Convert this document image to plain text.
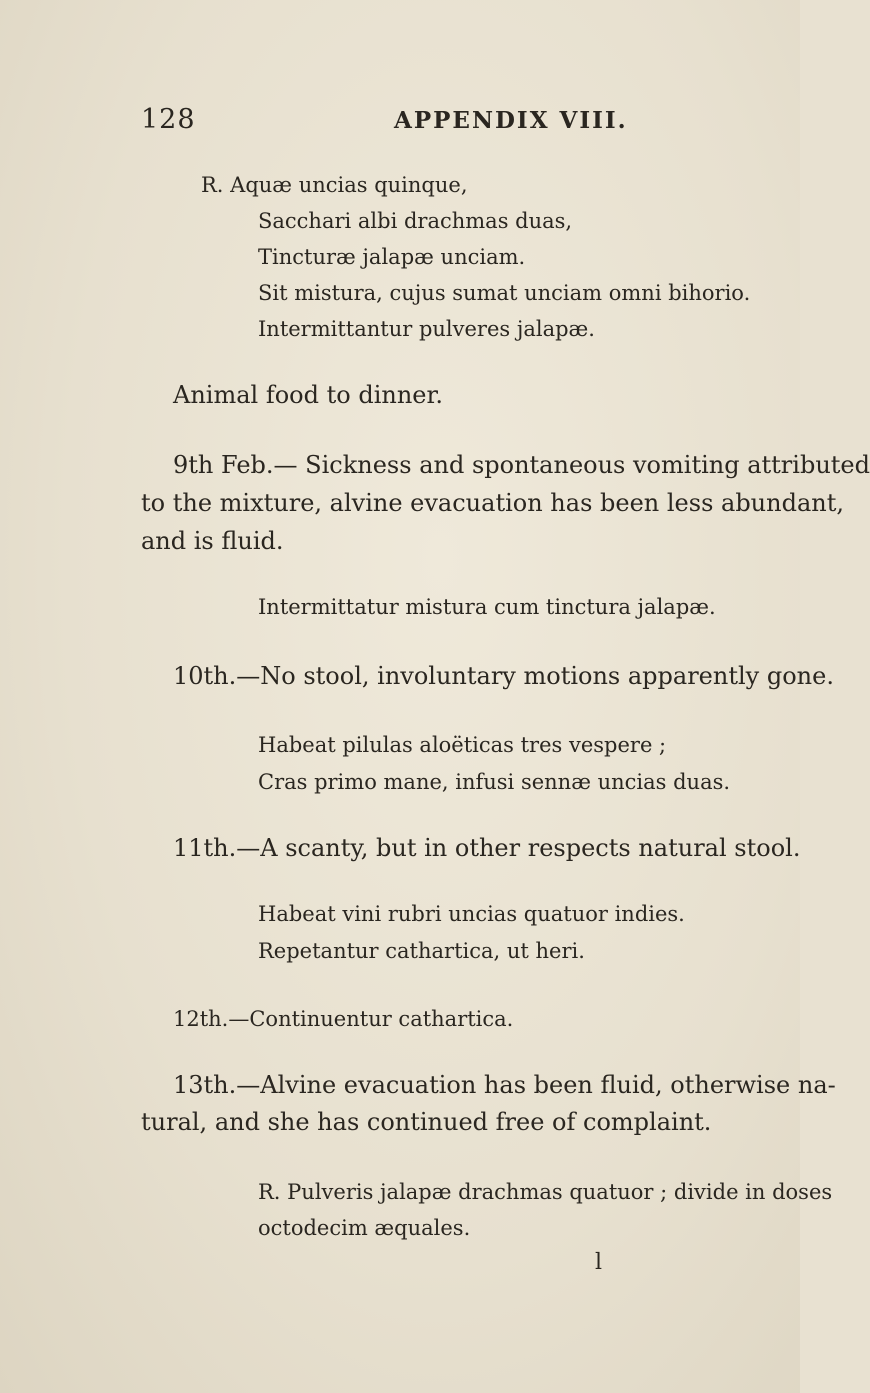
128	APPENDIX VIII.
R. Aquæ uncias quinque,
Sacchari albi drachmas duas,
Tincturæ jalapæ unciam.
Sit mistura, cujus sumat unciam omni bihorio.
Intermittantur pulveres jalapæ.
Animal food to dinner.
9th Feb.— Sickness and spontaneous vomiting attributed
to the mixture, alvine evacuation has been less abundant,
and is fluid.
Intermittatur mistura cum tinctura jalapæ.
10th.—No stool, involuntary motions apparently gone.
Habeat pilulas aloëticas tres vespere ;
Cras primo mane, infusi sennæ uncias duas.
11th.—A scanty, but in other respects natural stool.
Habeat vini rubri uncias quatuor indies.
Repetantur cathartica, ut heri.
12th.—Continuentur cathartica.
13th.—Alvine evacuation has been fluid, otherwise na-
tural, and she has continued free of complaint.
R. Pulveris jalapæ drachmas quatuor ; divide in doses
octodecim æquales.
l
